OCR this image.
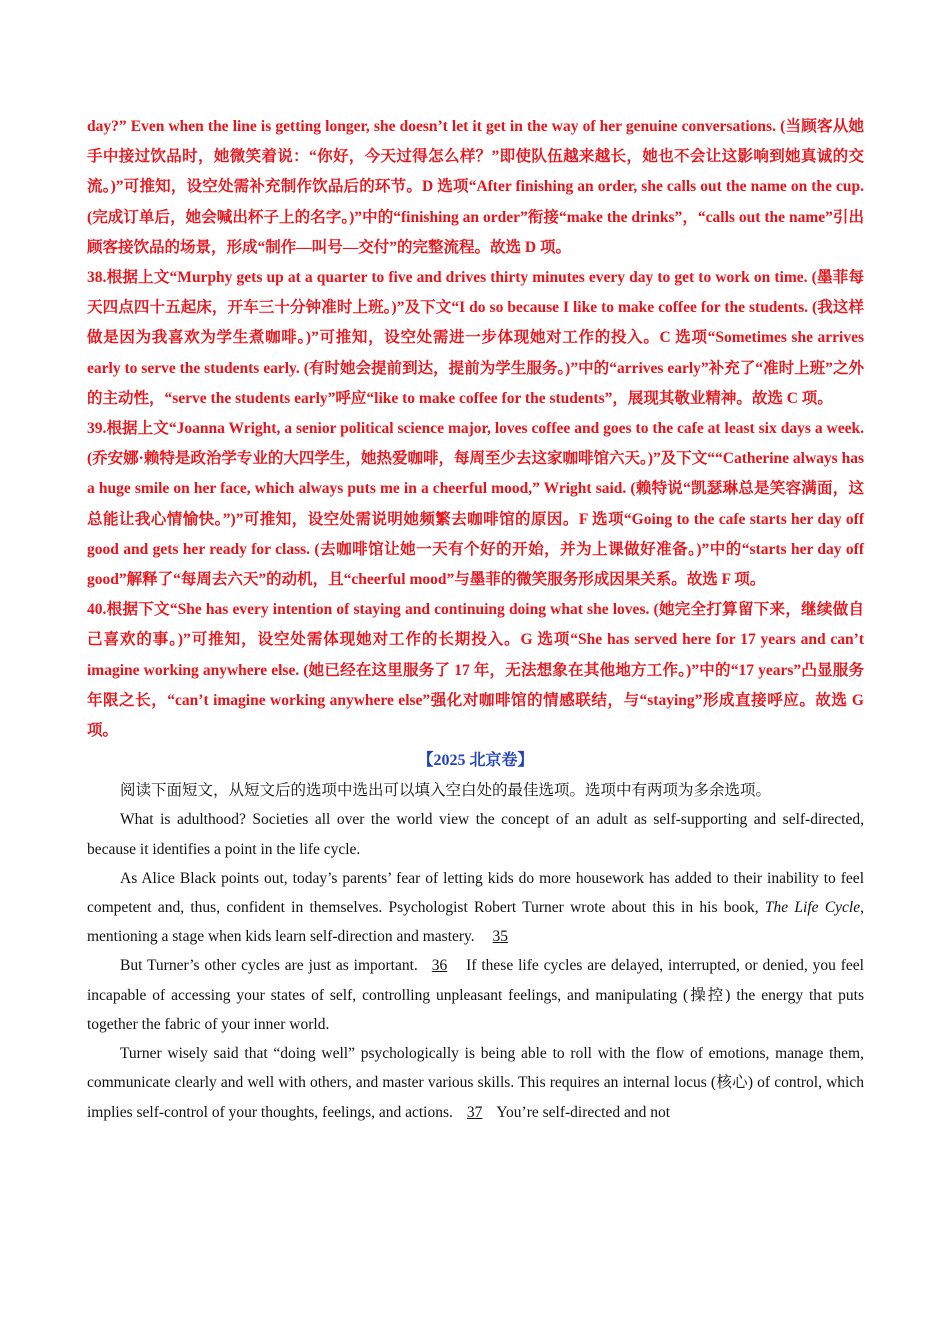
day?” Even when the line is getting longer, she doesn’t let it get in the way of her genuine conversations. (当顾客从她手中接过饮品时，她微笑着说：“你好，今天过得怎么样？”即使队伍越来越长，她也不会让这影响到她真诚的交流。)”可推知，设空处需补充制作饮品后的环节。D 选项“After finishing an order, she calls out the name on the cup. (完成订单后，她会喊出杯子上的名字。)”中的“finishing an order”衔接“make the drinks”，“calls out the name”引出顾客接饮品的场景，形成“制作—叫号—交付”的完整流程。故选 D 项。

38.根据上文“Murphy gets up at a quarter to five and drives thirty minutes every day to get to work on time. (墨菲每天四点四十五起床，开车三十分钟准时上班。)”及下文“I do so because I like to make coffee for the students. (我这样做是因为我喜欢为学生煮咖啡。)”可推知，设空处需进一步体现她对工作的投入。C 选项“Sometimes she arrives early to serve the students early. (有时她会提前到达，提前为学生服务。)”中的“arrives early”补充了“准时上班”之外的主动性，“serve the students early”呼应“like to make coffee for the students”，展现其敬业精神。故选 C 项。

39.根据上文“Joanna Wright, a senior political science major, loves coffee and goes to the cafe at least six days a week. (乔安娜·赖特是政治学专业的大四学生，她热爱咖啡，每周至少去这家咖啡馆六天。)”及下文““Catherine always has a huge smile on her face, which always puts me in a cheerful mood,” Wright said. (赖特说“凯瑟琳总是笑容满面，这总能让我心情愉快。”)”可推知，设空处需说明她频繁去咖啡馆的原因。F 选项“Going to the cafe starts her day off good and gets her ready for class. (去咖啡馆让她一天有个好的开始，并为上课做好准备。)”中的“starts her day off good”解释了“每周去六天”的动机，且“cheerful mood”与墨菲的微笑服务形成因果关系。故选 F 项。

40.根据下文“She has every intention of staying and continuing doing what she loves. (她完全打算留下来，继续做自己喜欢的事。)”可推知，设空处需体现她对工作的长期投入。G 选项“She has served here for 17 years and can’t imagine working anywhere else. (她已经在这里服务了 17 年，无法想象在其他地方工作。)”中的“17 years”凸显服务年限之长，“can’t imagine working anywhere else”强化对咖啡馆的情感联结，与“staying”形成直接呼应。故选 G 项。

【2025 北京卷】

阅读下面短文，从短文后的选项中选出可以填入空白处的最佳选项。选项中有两项为多余选项。

What is adulthood? Societies all over the world view the concept of an adult as self-supporting and self-directed, because it identifies a point in the life cycle.

As Alice Black points out, today’s parents’ fear of letting kids do more housework has added to their inability to feel competent and, thus, confident in themselves. Psychologist Robert Turner wrote about this in his book, The Life Cycle, mentioning a stage when kids learn self-direction and mastery. 35

But Turner’s other cycles are just as important. 36 If these life cycles are delayed, interrupted, or denied, you feel incapable of accessing your states of self, controlling unpleasant feelings, and manipulating (操控) the energy that puts together the fabric of your inner world.

Turner wisely said that “doing well” psychologically is being able to roll with the flow of emotions, manage them, communicate clearly and well with others, and master various skills. This requires an internal locus (核心) of control, which implies self-control of your thoughts, feelings, and actions. 37 You’re self-directed and not
